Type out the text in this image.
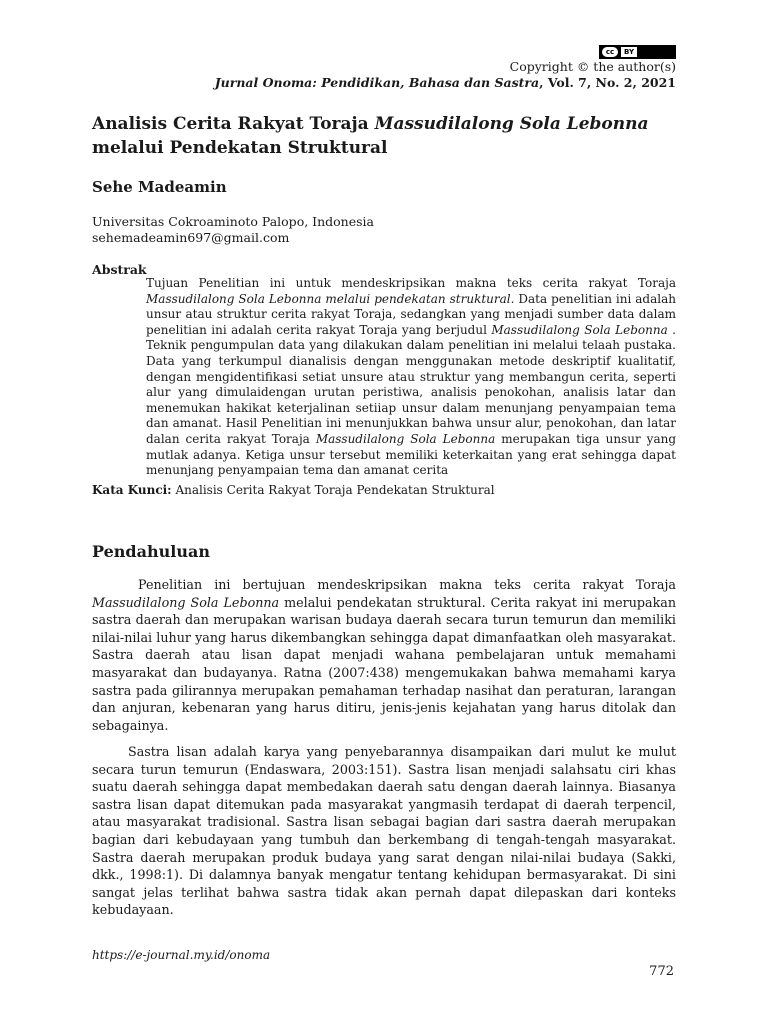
cc	BY
Copyright © the author(s)
Jurnal Onoma: Pendidikan, Bahasa dan Sastra, Vol. 7, No. 2, 2021
Analisis Cerita Rakyat Toraja Massudilalong Sola Lebonna melalui Pendekatan Struktural
Sehe Madeamin
Universitas Cokroaminoto Palopo, Indonesia
sehemadeamin697@gmail.com
Abstrak
Tujuan Penelitian ini untuk mendeskripsikan makna teks cerita rakyat Toraja Massudilalong Sola Lebonna melalui pendekatan struktural. Data penelitian ini adalah unsur atau struktur cerita rakyat Toraja, sedangkan yang menjadi sumber data dalam penelitian ini adalah cerita rakyat Toraja yang berjudul Massudilalong Sola Lebonna . Teknik pengumpulan data yang dilakukan dalam penelitian ini melalui telaah pustaka. Data yang terkumpul dianalisis dengan menggunakan metode deskriptif kualitatif, dengan mengidentifikasi setiat unsure atau struktur yang membangun cerita, seperti alur yang dimulaidengan urutan peristiwa, analisis penokohan, analisis latar dan menemukan hakikat keterjalinan setiiap unsur dalam menunjang penyampaian tema dan amanat. Hasil Penelitian ini menunjukkan bahwa unsur alur, penokohan, dan latar dalan cerita rakyat Toraja Massudilalong Sola Lebonna merupakan tiga unsur yang mutlak adanya. Ketiga unsur tersebut memiliki keterkaitan yang erat sehingga dapat menunjang penyampaian tema dan amanat cerita
Kata Kunci: Analisis Cerita Rakyat Toraja Pendekatan Struktural
Pendahuluan
Penelitian ini bertujuan mendeskripsikan makna teks cerita rakyat Toraja Massudilalong Sola Lebonna melalui pendekatan struktural. Cerita rakyat ini merupakan sastra daerah dan merupakan warisan budaya daerah secara turun temurun dan memiliki nilai-nilai luhur yang harus dikembangkan sehingga dapat dimanfaatkan oleh masyarakat. Sastra daerah atau lisan dapat menjadi wahana pembelajaran untuk memahami masyarakat dan budayanya. Ratna (2007:438) mengemukakan bahwa memahami karya sastra pada gilirannya merupakan pemahaman terhadap nasihat dan peraturan, larangan dan anjuran, kebenaran yang harus ditiru, jenis-jenis kejahatan yang harus ditolak dan sebagainya.
Sastra lisan adalah karya yang penyebarannya disampaikan dari mulut ke mulut secara turun temurun (Endaswara, 2003:151). Sastra lisan menjadi salahsatu ciri khas suatu daerah sehingga dapat membedakan daerah satu dengan daerah lainnya. Biasanya sastra lisan dapat ditemukan pada masyarakat yangmasih terdapat di daerah terpencil, atau masyarakat tradisional. Sastra lisan sebagai bagian dari sastra daerah merupakan bagian dari kebudayaan yang tumbuh dan berkembang di tengah-tengah masyarakat. Sastra daerah merupakan produk budaya yang sarat dengan nilai-nilai budaya (Sakki, dkk., 1998:1). Di dalamnya banyak mengatur tentang kehidupan bermasyarakat. Di sini sangat jelas terlihat bahwa sastra tidak akan pernah dapat dilepaskan dari konteks kebudayaan.
https://e-journal.my.id/onoma
772
